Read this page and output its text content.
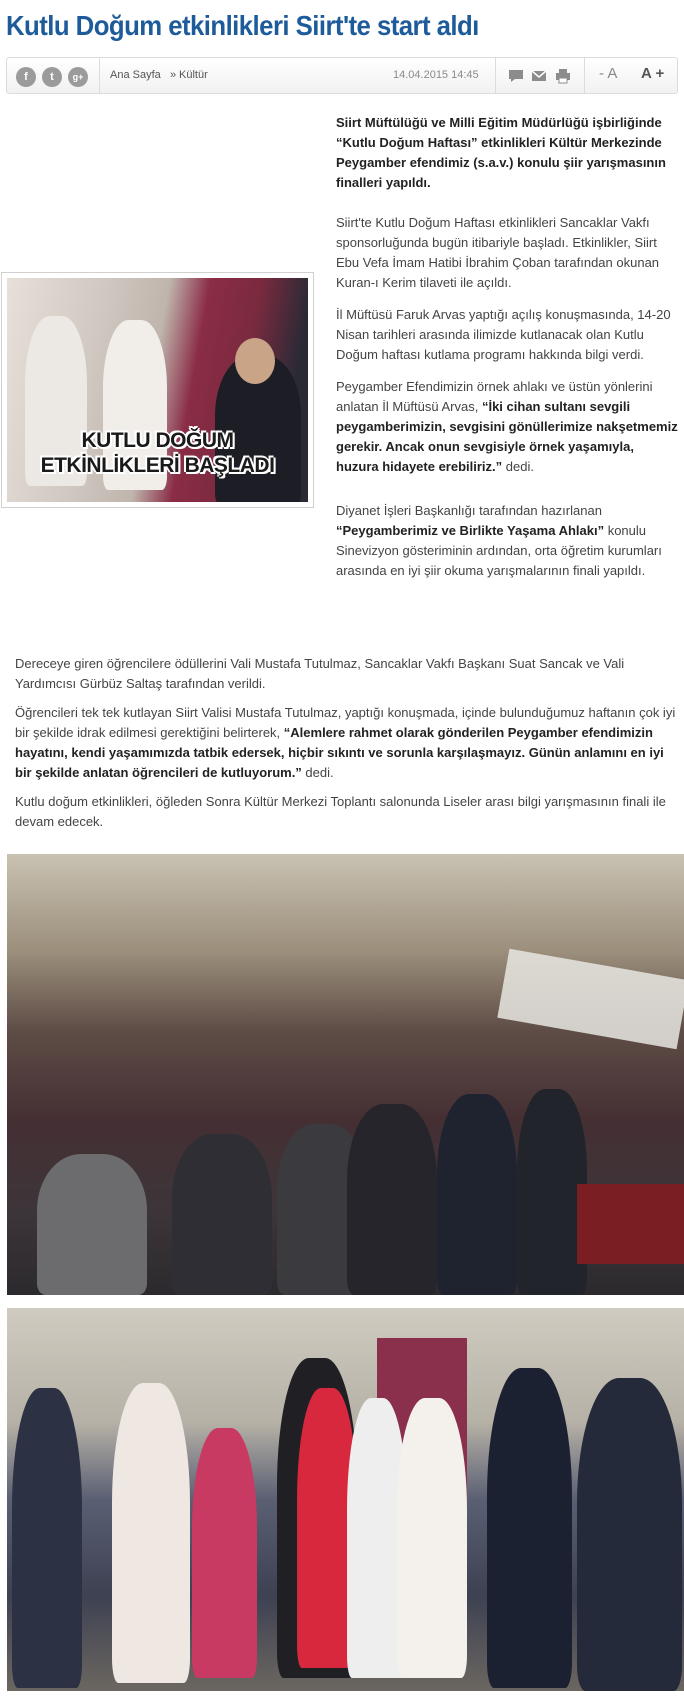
Kutlu Doğum etkinlikleri Siirt'te start aldı
f	t	g+	Ana Sayfa » Kültür	14.04.2015 14:45	- A A +
KUTLU DOĞUM
ETKİNLİKLERİ BAŞLADI

Siirt Müftülüğü ve Milli Eğitim Müdürlüğü işbirliğinde “Kutlu Doğum Haftası” etkinlikleri Kültür Merkezinde Peygamber efendimiz (s.a.v.) konulu şiir yarışmasının finalleri yapıldı.

Siirt'te Kutlu Doğum Haftası etkinlikleri Sancaklar Vakfı sponsorluğunda bugün itibariyle başladı. Etkinlikler, Siirt Ebu Vefa İmam Hatibi İbrahim Çoban tarafından okunan Kuran-ı Kerim tilaveti ile açıldı.

İl Müftüsü Faruk Arvas yaptığı açılış konuşmasında, 14-20 Nisan tarihleri arasında ilimizde kutlanacak olan Kutlu Doğum haftası kutlama programı hakkında bilgi verdi.

Peygamber Efendimizin örnek ahlakı ve üstün yönlerini anlatan İl Müftüsü Arvas, “İki cihan sultanı sevgili peygamberimizin, sevgisini gönüllerimize nakşetmemiz gerekir. Ancak onun sevgisiyle örnek yaşamıyla, huzura hidayete erebiliriz.” dedi.

Diyanet İşleri Başkanlığı tarafından hazırlanan “Peygamberimiz ve Birlikte Yaşama Ahlakı” konulu Sinevizyon gösteriminin ardından, orta öğretim kurumları arasında en iyi şiir okuma yarışmalarının finali yapıldı.

Dereceye giren öğrencilere ödüllerini Vali Mustafa Tutulmaz, Sancaklar Vakfı Başkanı Suat Sancak ve Vali Yardımcısı Gürbüz Saltaş tarafından verildi.

Öğrencileri tek tek kutlayan Siirt Valisi Mustafa Tutulmaz, yaptığı konuşmada, içinde bulunduğumuz haftanın çok iyi bir şekilde idrak edilmesi gerektiğini belirterek, “Alemlere rahmet olarak gönderilen Peygamber efendimizin hayatını, kendi yaşamımızda tatbik edersek, hiçbir sıkıntı ve sorunla karşılaşmayız. Günün anlamını en iyi bir şekilde anlatan öğrencileri de kutluyorum.” dedi.

Kutlu doğum etkinlikleri, öğleden Sonra Kültür Merkezi Toplantı salonunda Liseler arası bilgi yarışmasının finali ile devam edecek.
